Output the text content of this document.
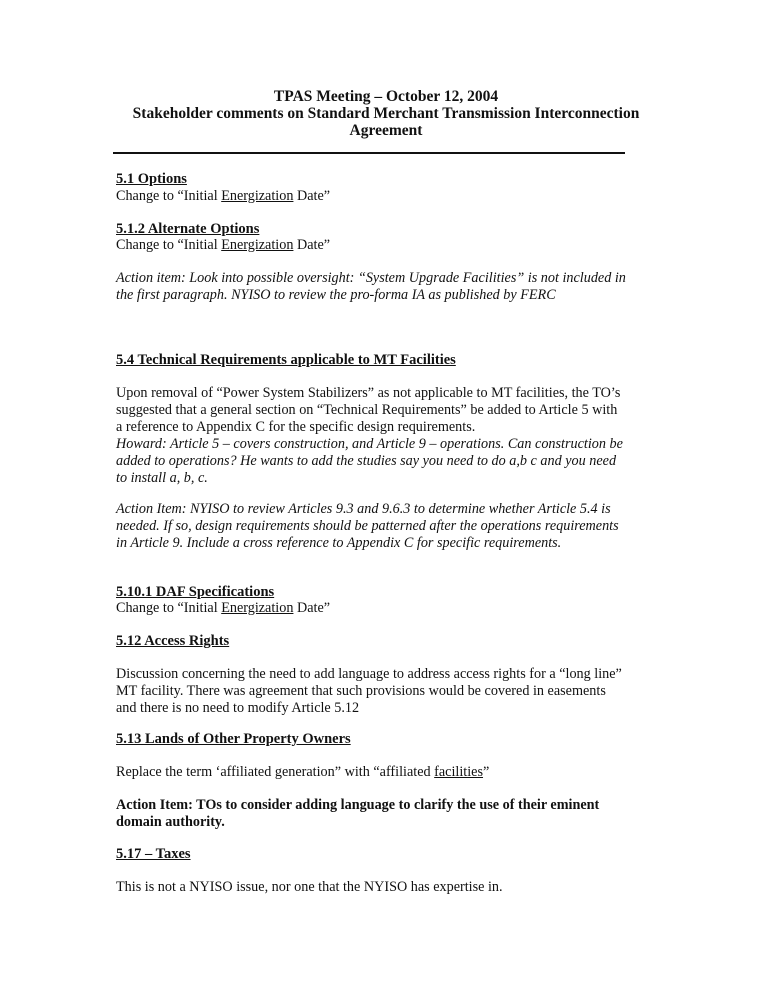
TPAS Meeting – October 12, 2004
Stakeholder comments on Standard Merchant Transmission Interconnection
Agreement
5.1 Options
Change to “Initial Energization Date”
5.1.2 Alternate Options
Change to “Initial Energization Date”
Action item: Look into possible oversight: “System Upgrade Facilities” is not included in the first paragraph. NYISO to review the pro-forma IA as published by FERC
5.4 Technical Requirements applicable to MT Facilities
Upon removal of “Power System Stabilizers” as not applicable to MT facilities, the TO’s suggested that a general section on “Technical Requirements” be added to Article 5 with a reference to Appendix C for the specific design requirements.
Howard: Article 5 – covers construction, and Article 9 – operations. Can construction be added to operations? He wants to add the studies say you need to do a,b c and you need to install a, b, c.
Action Item: NYISO to review Articles 9.3 and 9.6.3 to determine whether Article 5.4 is needed. If so, design requirements should be patterned after the operations requirements in Article 9. Include a cross reference to Appendix C for specific requirements.
5.10.1 DAF Specifications
Change to “Initial Energization Date”
5.12 Access Rights
Discussion concerning the need to add language to address access rights for a “long line” MT facility. There was agreement that such provisions would be covered in easements and there is no need to modify Article 5.12
5.13 Lands of Other Property Owners
Replace the term ‘affiliated generation” with “affiliated facilities”
Action Item: TOs to consider adding language to clarify the use of their eminent domain authority.
5.17 – Taxes
This is not a NYISO issue, nor one that the NYISO has expertise in.
